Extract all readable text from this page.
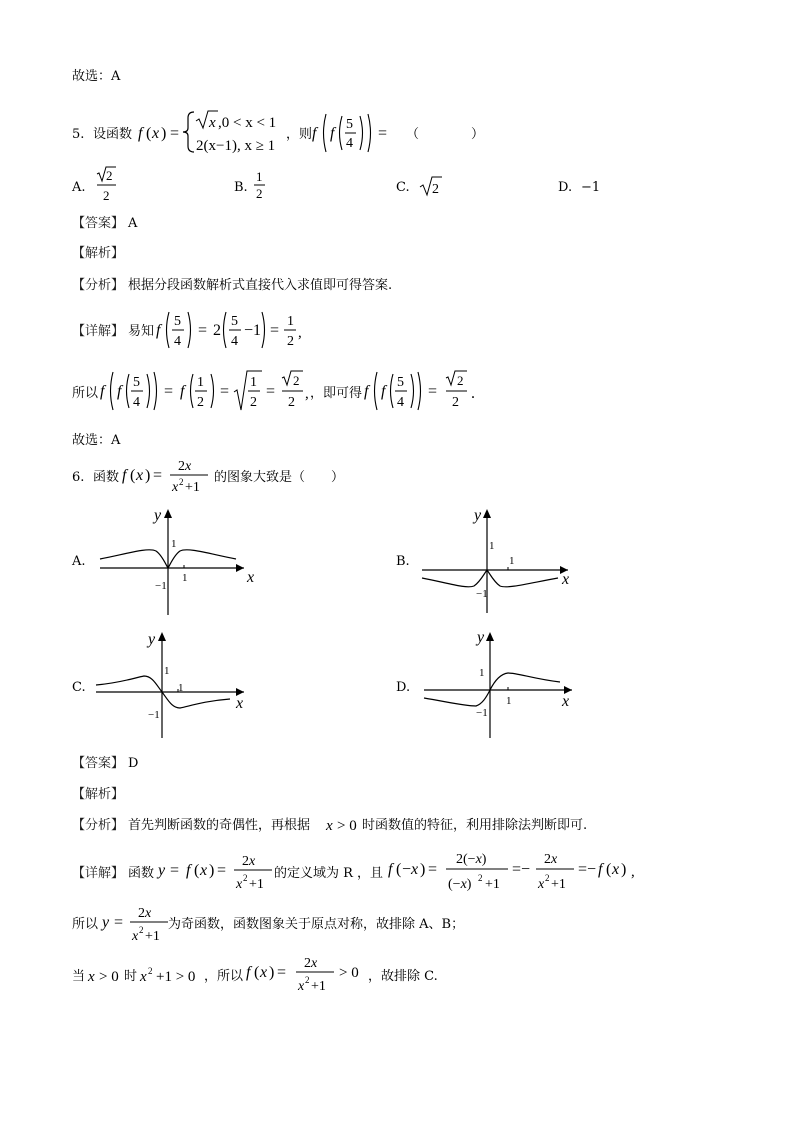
故选：A
5. 设函数 f ( x ) =
x ,0 < x < 1
2(x−1), x ≥ 1
，则 f f
5
4
= （　　　　）
A.
2
2
B.
1
2	C. 2	D. −1
【答案】 A
【解析】
【分析】 根据分段函数解析式直接代入求值即可得答案.
【详解】 易知 f
5
4
= 2
5
4
−1 =
1
2
,
所以 f f
5
4
= f
1
2
=
1
2
=
2
2
, ，即可得 f f
5
4
=
2
2
.
故选：A
6. 函数 f ( x ) =
2x
x 2 +1
的图象大致是（　　）
A.
x
y
1
−1
1
B.
x
y
1
1
−1
C.
x
y
1
1
−1
D.
x
y
1
1
−1
【答案】 D
【解析】
【分析】 首先判断函数的奇偶性，再根据 x > 0 时函数值的特征，利用排除法判断即可.
【详解】 函数 y = f ( x ) =
2x
x 2 +1
的定义域为 R ，且 f ( −x ) =
2(−x)
(−x) 2 +1
=−
2x
x 2 +1
=− f ( x ) ,
所以 y =
2x
x 2 +1
为奇函数，函数图象关于原点对称，故排除 A、B；
当 x > 0 时 x 2 +1 > 0 ，所以 f ( x ) =
2x
x 2 +1
> 0 ，故排除 C.
